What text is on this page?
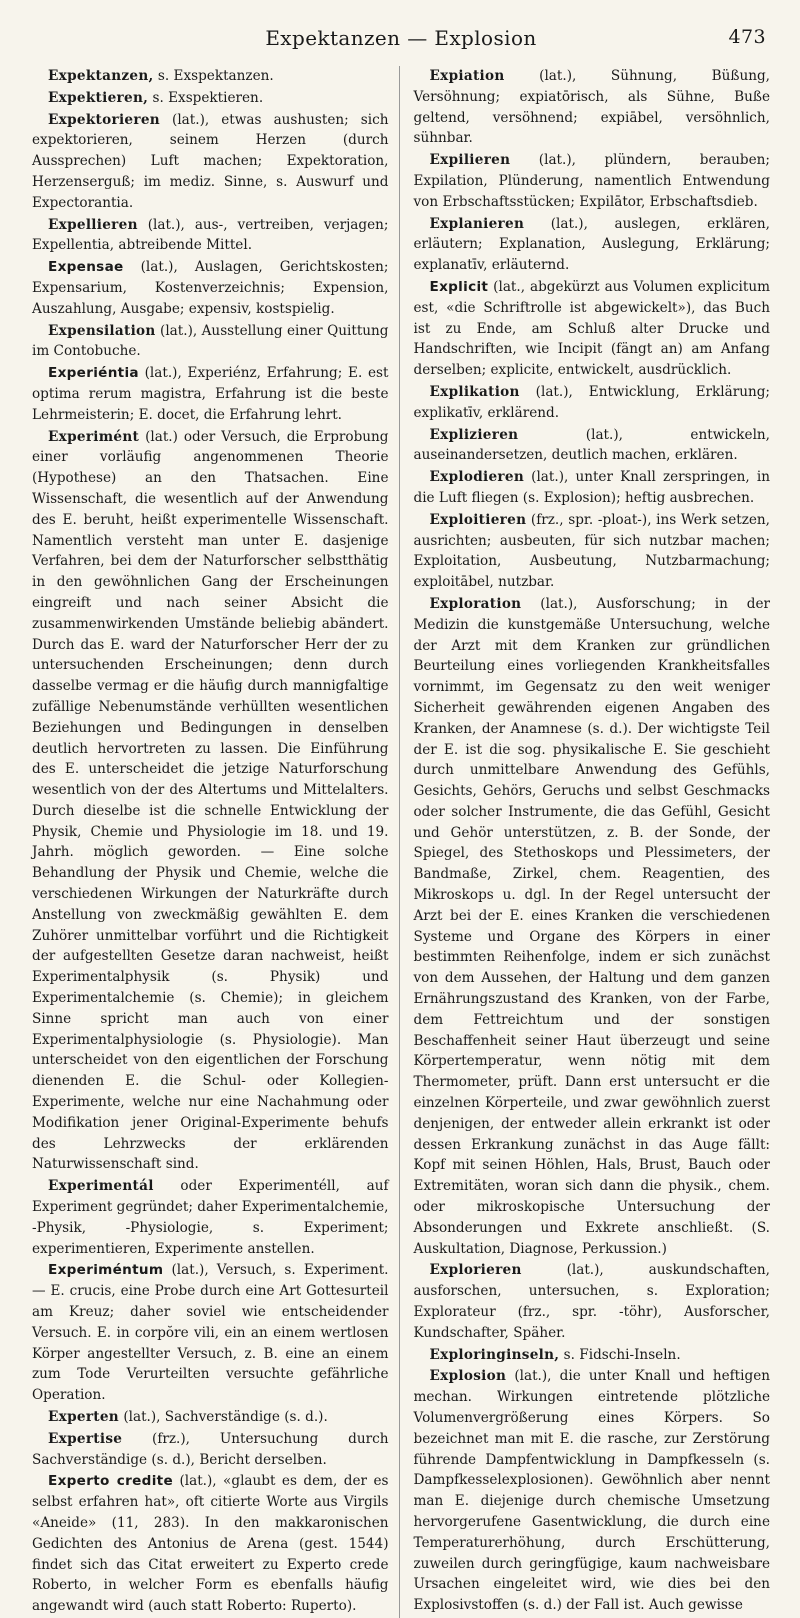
Expektanzen — Explosion	473

Expektanzen, s. Exspektanzen.

Expektieren, s. Exspektieren.

Expektorieren (lat.), etwas aushusten; sich expektorieren, seinem Herzen (durch Aussprechen) Luft machen; Expektoration, Herzenserguß; im mediz. Sinne, s. Auswurf und Expectorantia.

Expellieren (lat.), aus-, vertreiben, verjagen; Expellentia, abtreibende Mittel.

Expensae (lat.), Auslagen, Gerichtskosten; Expensarium, Kostenverzeichnis; Expension, Auszahlung, Ausgabe; expensiv, kostspielig.

Expensilation (lat.), Ausstellung einer Quittung im Contobuche.

Experiéntia (lat.), Experiénz, Erfahrung; E. est optima rerum magistra, Erfahrung ist die beste Lehrmeisterin; E. docet, die Erfahrung lehrt.

Experimént (lat.) oder Versuch, die Erprobung einer vorläufig angenommenen Theorie (Hypothese) an den Thatsachen. Eine Wissenschaft, die wesentlich auf der Anwendung des E. beruht, heißt experimentelle Wissenschaft. Namentlich versteht man unter E. dasjenige Verfahren, bei dem der Naturforscher selbstthätig in den gewöhnlichen Gang der Erscheinungen eingreift und nach seiner Absicht die zusammenwirkenden Umstände beliebig abändert. Durch das E. ward der Naturforscher Herr der zu untersuchenden Erscheinungen; denn durch dasselbe vermag er die häufig durch mannigfaltige zufällige Nebenumstände verhüllten wesentlichen Beziehungen und Bedingungen in denselben deutlich hervortreten zu lassen. Die Einführung des E. unterscheidet die jetzige Naturforschung wesentlich von der des Altertums und Mittelalters. Durch dieselbe ist die schnelle Entwicklung der Physik, Chemie und Physiologie im 18. und 19. Jahrh. möglich geworden. — Eine solche Behandlung der Physik und Chemie, welche die verschiedenen Wirkungen der Naturkräfte durch Anstellung von zweckmäßig gewählten E. dem Zuhörer unmittelbar vorführt und die Richtigkeit der aufgestellten Gesetze daran nachweist, heißt Experimentalphysik (s. Physik) und Experimentalchemie (s. Chemie); in gleichem Sinne spricht man auch von einer Experimentalphysiologie (s. Physiologie). Man unterscheidet von den eigentlichen der Forschung dienenden E. die Schul- oder Kollegien-Experimente, welche nur eine Nachahmung oder Modifikation jener Original-Experimente behufs des Lehrzwecks der erklärenden Naturwissenschaft sind.

Experimentál oder Experimentéll, auf Experiment gegründet; daher Experimentalchemie, -Physik, -Physiologie, s. Experiment; experimentieren, Experimente anstellen.

Experiméntum (lat.), Versuch, s. Experiment. — E. crucis, eine Probe durch eine Art Gottesurteil am Kreuz; daher soviel wie entscheidender Versuch. E. in corpŏre vili, ein an einem wertlosen Körper angestellter Versuch, z. B. eine an einem zum Tode Verurteilten versuchte gefährliche Operation.

Experten (lat.), Sachverständige (s. d.).

Expertise (frz.), Untersuchung durch Sachverständige (s. d.), Bericht derselben.

Experto credite (lat.), «glaubt es dem, der es selbst erfahren hat», oft citierte Worte aus Virgils «Aneide» (11, 283). In den makkaronischen Gedichten des Antonius de Arena (gest. 1544) findet sich das Citat erweitert zu Experto crede Roberto, in welcher Form es ebenfalls häufig angewandt wird (auch statt Roberto: Ruperto).

Expiation (lat.), Sühnung, Büßung, Versöhnung; expiatōrisch, als Sühne, Buße geltend, versöhnend; expiābel, versöhnlich, sühnbar.

Expilieren (lat.), plündern, berauben; Expilation, Plünderung, namentlich Entwendung von Erbschaftsstücken; Expilātor, Erbschaftsdieb.

Explanieren (lat.), auslegen, erklären, erläutern; Explanation, Auslegung, Erklärung; explanatīv, erläuternd.

Explicit (lat., abgekürzt aus Volumen explicitum est, «die Schriftrolle ist abgewickelt»), das Buch ist zu Ende, am Schluß alter Drucke und Handschriften, wie Incipit (fängt an) am Anfang derselben; explicite, entwickelt, ausdrücklich.

Explikation (lat.), Entwicklung, Erklärung; explikatīv, erklärend.

Explizieren (lat.), entwickeln, auseinandersetzen, deutlich machen, erklären.

Explodieren (lat.), unter Knall zerspringen, in die Luft fliegen (s. Explosion); heftig ausbrechen.

Exploitieren (frz., spr. -ploat-), ins Werk setzen, ausrichten; ausbeuten, für sich nutzbar machen; Exploitation, Ausbeutung, Nutzbarmachung; exploitābel, nutzbar.

Exploration (lat.), Ausforschung; in der Medizin die kunstgemäße Untersuchung, welche der Arzt mit dem Kranken zur gründlichen Beurteilung eines vorliegenden Krankheitsfalles vornimmt, im Gegensatz zu den weit weniger Sicherheit gewährenden eigenen Angaben des Kranken, der Anamnese (s. d.). Der wichtigste Teil der E. ist die sog. physikalische E. Sie geschieht durch unmittelbare Anwendung des Gefühls, Gesichts, Gehörs, Geruchs und selbst Geschmacks oder solcher Instrumente, die das Gefühl, Gesicht und Gehör unterstützen, z. B. der Sonde, der Spiegel, des Stethoskops und Plessimeters, der Bandmaße, Zirkel, chem. Reagentien, des Mikroskops u. dgl. In der Regel untersucht der Arzt bei der E. eines Kranken die verschiedenen Systeme und Organe des Körpers in einer bestimmten Reihenfolge, indem er sich zunächst von dem Aussehen, der Haltung und dem ganzen Ernährungszustand des Kranken, von der Farbe, dem Fettreichtum und der sonstigen Beschaffenheit seiner Haut überzeugt und seine Körpertemperatur, wenn nötig mit dem Thermometer, prüft. Dann erst untersucht er die einzelnen Körperteile, und zwar gewöhnlich zuerst denjenigen, der entweder allein erkrankt ist oder dessen Erkrankung zunächst in das Auge fällt: Kopf mit seinen Höhlen, Hals, Brust, Bauch oder Extremitäten, woran sich dann die physik., chem. oder mikroskopische Untersuchung der Absonderungen und Exkrete anschließt. (S. Auskultation, Diagnose, Perkussion.)

Explorieren (lat.), auskundschaften, ausforschen, untersuchen, s. Exploration; Explorateur (frz., spr. -töhr), Ausforscher, Kundschafter, Späher.

Exploringinseln, s. Fidschi-Inseln.

Explosion (lat.), die unter Knall und heftigen mechan. Wirkungen eintretende plötzliche Volumenvergrößerung eines Körpers. So bezeichnet man mit E. die rasche, zur Zerstörung führende Dampfentwicklung in Dampfkesseln (s. Dampfkesselexplosionen). Gewöhnlich aber nennt man E. diejenige durch chemische Umsetzung hervorgerufene Gasentwicklung, die durch eine Temperaturerhöhung, durch Erschütterung, zuweilen durch geringfügige, kaum nachweisbare Ursachen eingeleitet wird, wie dies bei den Explosivstoffen (s. d.) der Fall ist. Auch gewisse
